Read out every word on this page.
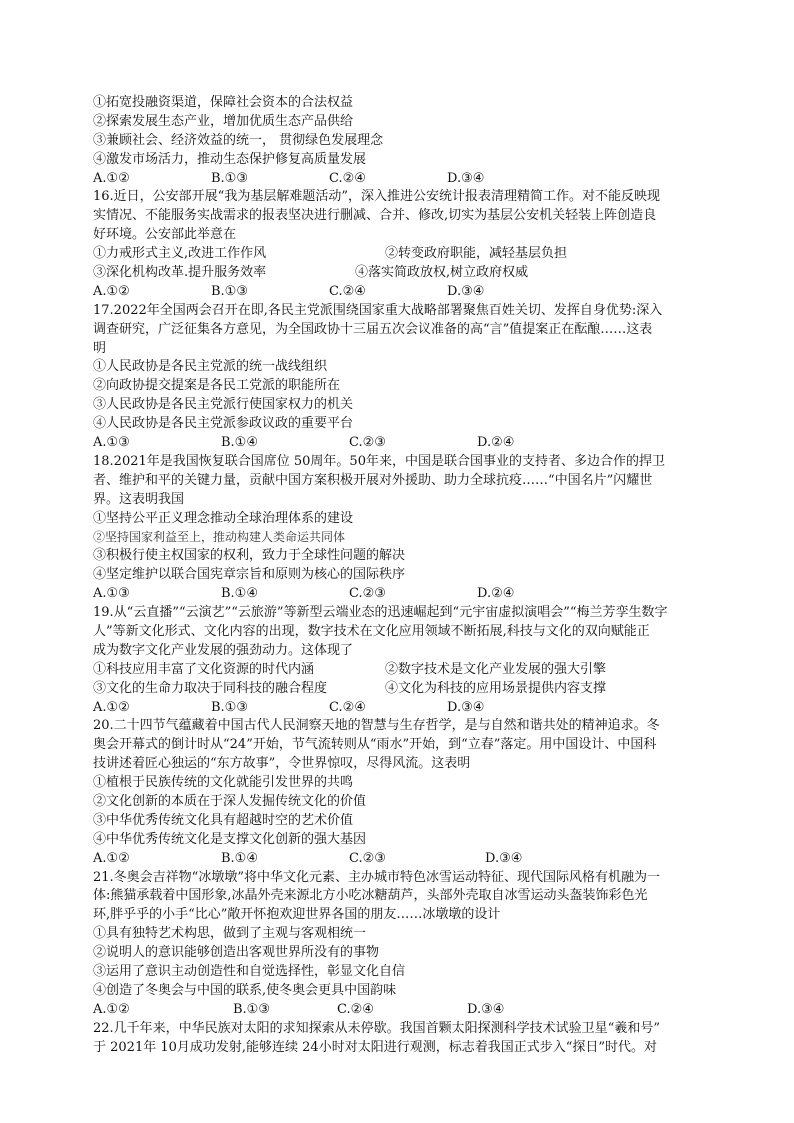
①拓宽投融资渠道，保障社会资本的合法权益
②探索发展生态产业，增加优质生态产品供给
③兼顾社会、经济效益的统一， 贯彻绿色发展理念
④激发市场活力，推动生态保护修复高质量发展
A.①②	B.①③	C.②④	D.③④
16.近日，公安部开展“我为基层解难题活动”，深入推进公安统计报表清理精简工作。对不能反映现
实情况、不能服务实战需求的报表坚决进行删减、合并、修改,切实为基层公安机关轻装上阵创造良
好环境。公安部此举意在
①力戒形式主义,改进工作作风	②转变政府职能，减轻基层负担
③深化机构改革.提升服务效率	④落实简政放权,树立政府权威
A.①②	B.①③	C.②④	D.③④
17.2022年全国两会召开在即,各民主党派围绕国家重大战略部署聚焦百姓关切、发挥自身优势:深入
调查研究，广泛征集各方意见，为全国政协十三届五次会议准备的高“言”值提案正在酝酿……这表
明
①人民政协是各民主党派的统一战线组织
②向政协提交提案是各民工党派的职能所在
③人民政协是各民主党派行使国家权力的机关
④人民政协是各民主党派参政议政的重要平台
A.①③	B.①④	C.②③	D.②④
18.2021年是我国恢复联合国席位 50周年。50年来，中国是联合国事业的支持者、多边合作的捍卫
者、维护和平的关键力量，贡献中国方案积极开展对外援助、助力全球抗疫……“中国名片”闪耀世
界。这表明我国
①坚持公平正义理念推动全球治理体系的建设
②坚持国家利益至上，推动构建人类命运共同体
③积极行使主权国家的权利，致力于全球性问题的解决
④坚定维护以联合国宪章宗旨和原则为核心的国际秩序
A.①③	B.①④	C.②③	D.②④
19.从“云直播”“云演艺”“云旅游”等新型云端业态的迅速崛起到“元宇宙虚拟演唱会”“梅兰芳孪生数字
人”等新文化形式、文化内容的出现，数字技术在文化应用领域不断拓展,科技与文化的双向赋能正
成为数字文化产业发展的强劲动力。这体现了
①科技应用丰富了文化资源的时代内涵	②数字技术是文化产业发展的强大引擎
③文化的生命力取决于同科技的融合程度	④文化为科技的应用场景提供内容支撑
A.①②	B.①③	C.②④	D.③④
20.二十四节气蕴藏着中国古代人民洞察天地的智慧与生存哲学，是与自然和谐共处的精神追求。冬
奥会开幕式的倒计时从“24”开始，节气流转则从“雨水”开始，到“立春”落定。用中国设计、中国科
技讲述着匠心独运的“东方故事”，令世界惊叹，尽得风流。这表明
①植根于民族传统的文化就能引发世界的共鸣
②文化创新的本质在于深人发掘传统文化的价值
③中华优秀传统文化具有超越时空的艺术价值
④中华优秀传统文化是支撑文化创新的强大基因
A.①②	B.①④	C.②③	D.③④
21.冬奥会吉祥物“冰墩墩”将中华文化元素、主办城市特色冰雪运动特征、现代国际风格有机融为一
体:熊猫承载着中国形象,冰晶外壳来源北方小吃冰糖葫芦，头部外壳取自冰雪运动头盔装饰彩色光
环,胖乎乎的小手“比心”敞开怀抱欢迎世界各国的朋友……冰墩墩的设计
①具有独特艺术构思，做到了主观与客观相统一
②说明人的意识能够创造出客观世界所没有的事物
③运用了意识主动创造性和自觉选择性，彰显文化自信
④创造了冬奥会与中国的联系,使冬奥会更具中国韵味
A.①②	B.①③	C.②④	D.③④
22.几千年来，中华民族对太阳的求知探索从未停歇。我国首颗太阳探测科学技术试验卫星“羲和号”
于 2021年 10月成功发射,能够连续 24小时对太阳进行观测，标志着我国正式步入“探日”时代。对
